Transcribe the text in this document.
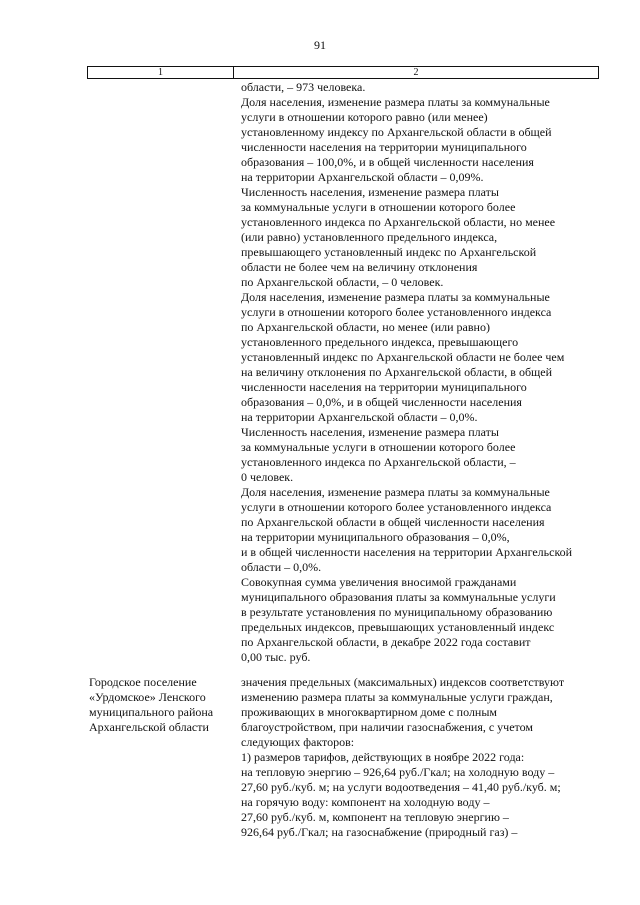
91
1	2
области, – 973 человека.
Доля населения, изменение размера платы за коммунальные
услуги в отношении которого равно (или менее)
установленному индексу по Архангельской области в общей
численности населения на территории муниципального
образования – 100,0%, и в общей численности населения
на территории Архангельской области – 0,09%.
Численность населения, изменение размера платы
за коммунальные услуги в отношении которого более
установленного индекса по Архангельской области, но менее
(или равно) установленного предельного индекса,
превышающего установленный индекс по Архангельской
области не более чем на величину отклонения
по Архангельской области, – 0 человек.
Доля населения, изменение размера платы за коммунальные
услуги в отношении которого более установленного индекса
по Архангельской области, но менее (или равно)
установленного предельного индекса, превышающего
установленный индекс по Архангельской области не более чем
на величину отклонения по Архангельской области, в общей
численности населения на территории муниципального
образования – 0,0%, и в общей численности населения
на территории Архангельской области – 0,0%.
Численность населения, изменение размера платы
за коммунальные услуги в отношении которого более
установленного индекса по Архангельской области, –
0 человек.
Доля населения, изменение размера платы за коммунальные
услуги в отношении которого более установленного индекса
по Архангельской области в общей численности населения
на территории муниципального образования – 0,0%,
и в общей численности населения на территории Архангельской
области – 0,0%.
Совокупная сумма увеличения вносимой гражданами
муниципального образования платы за коммунальные услуги
в результате установления по муниципальному образованию
предельных индексов, превышающих установленный индекс
по Архангельской области, в декабре 2022 года составит
0,00 тыс. руб.
Городское поселение
«Урдомское» Ленского
муниципального района
Архангельской области
значения предельных (максимальных) индексов соответствуют
изменению размера платы за коммунальные услуги граждан,
проживающих в многоквартирном доме с полным
благоустройством, при наличии газоснабжения, с учетом
следующих факторов:
1) размеров тарифов, действующих в ноябре 2022 года:
на тепловую энергию – 926,64 руб./Гкал; на холодную воду –
27,60 руб./куб. м; на услуги водоотведения – 41,40 руб./куб. м;
на горячую воду: компонент на холодную воду –
27,60 руб./куб. м, компонент на тепловую энергию –
926,64 руб./Гкал; на газоснабжение (природный газ) –
